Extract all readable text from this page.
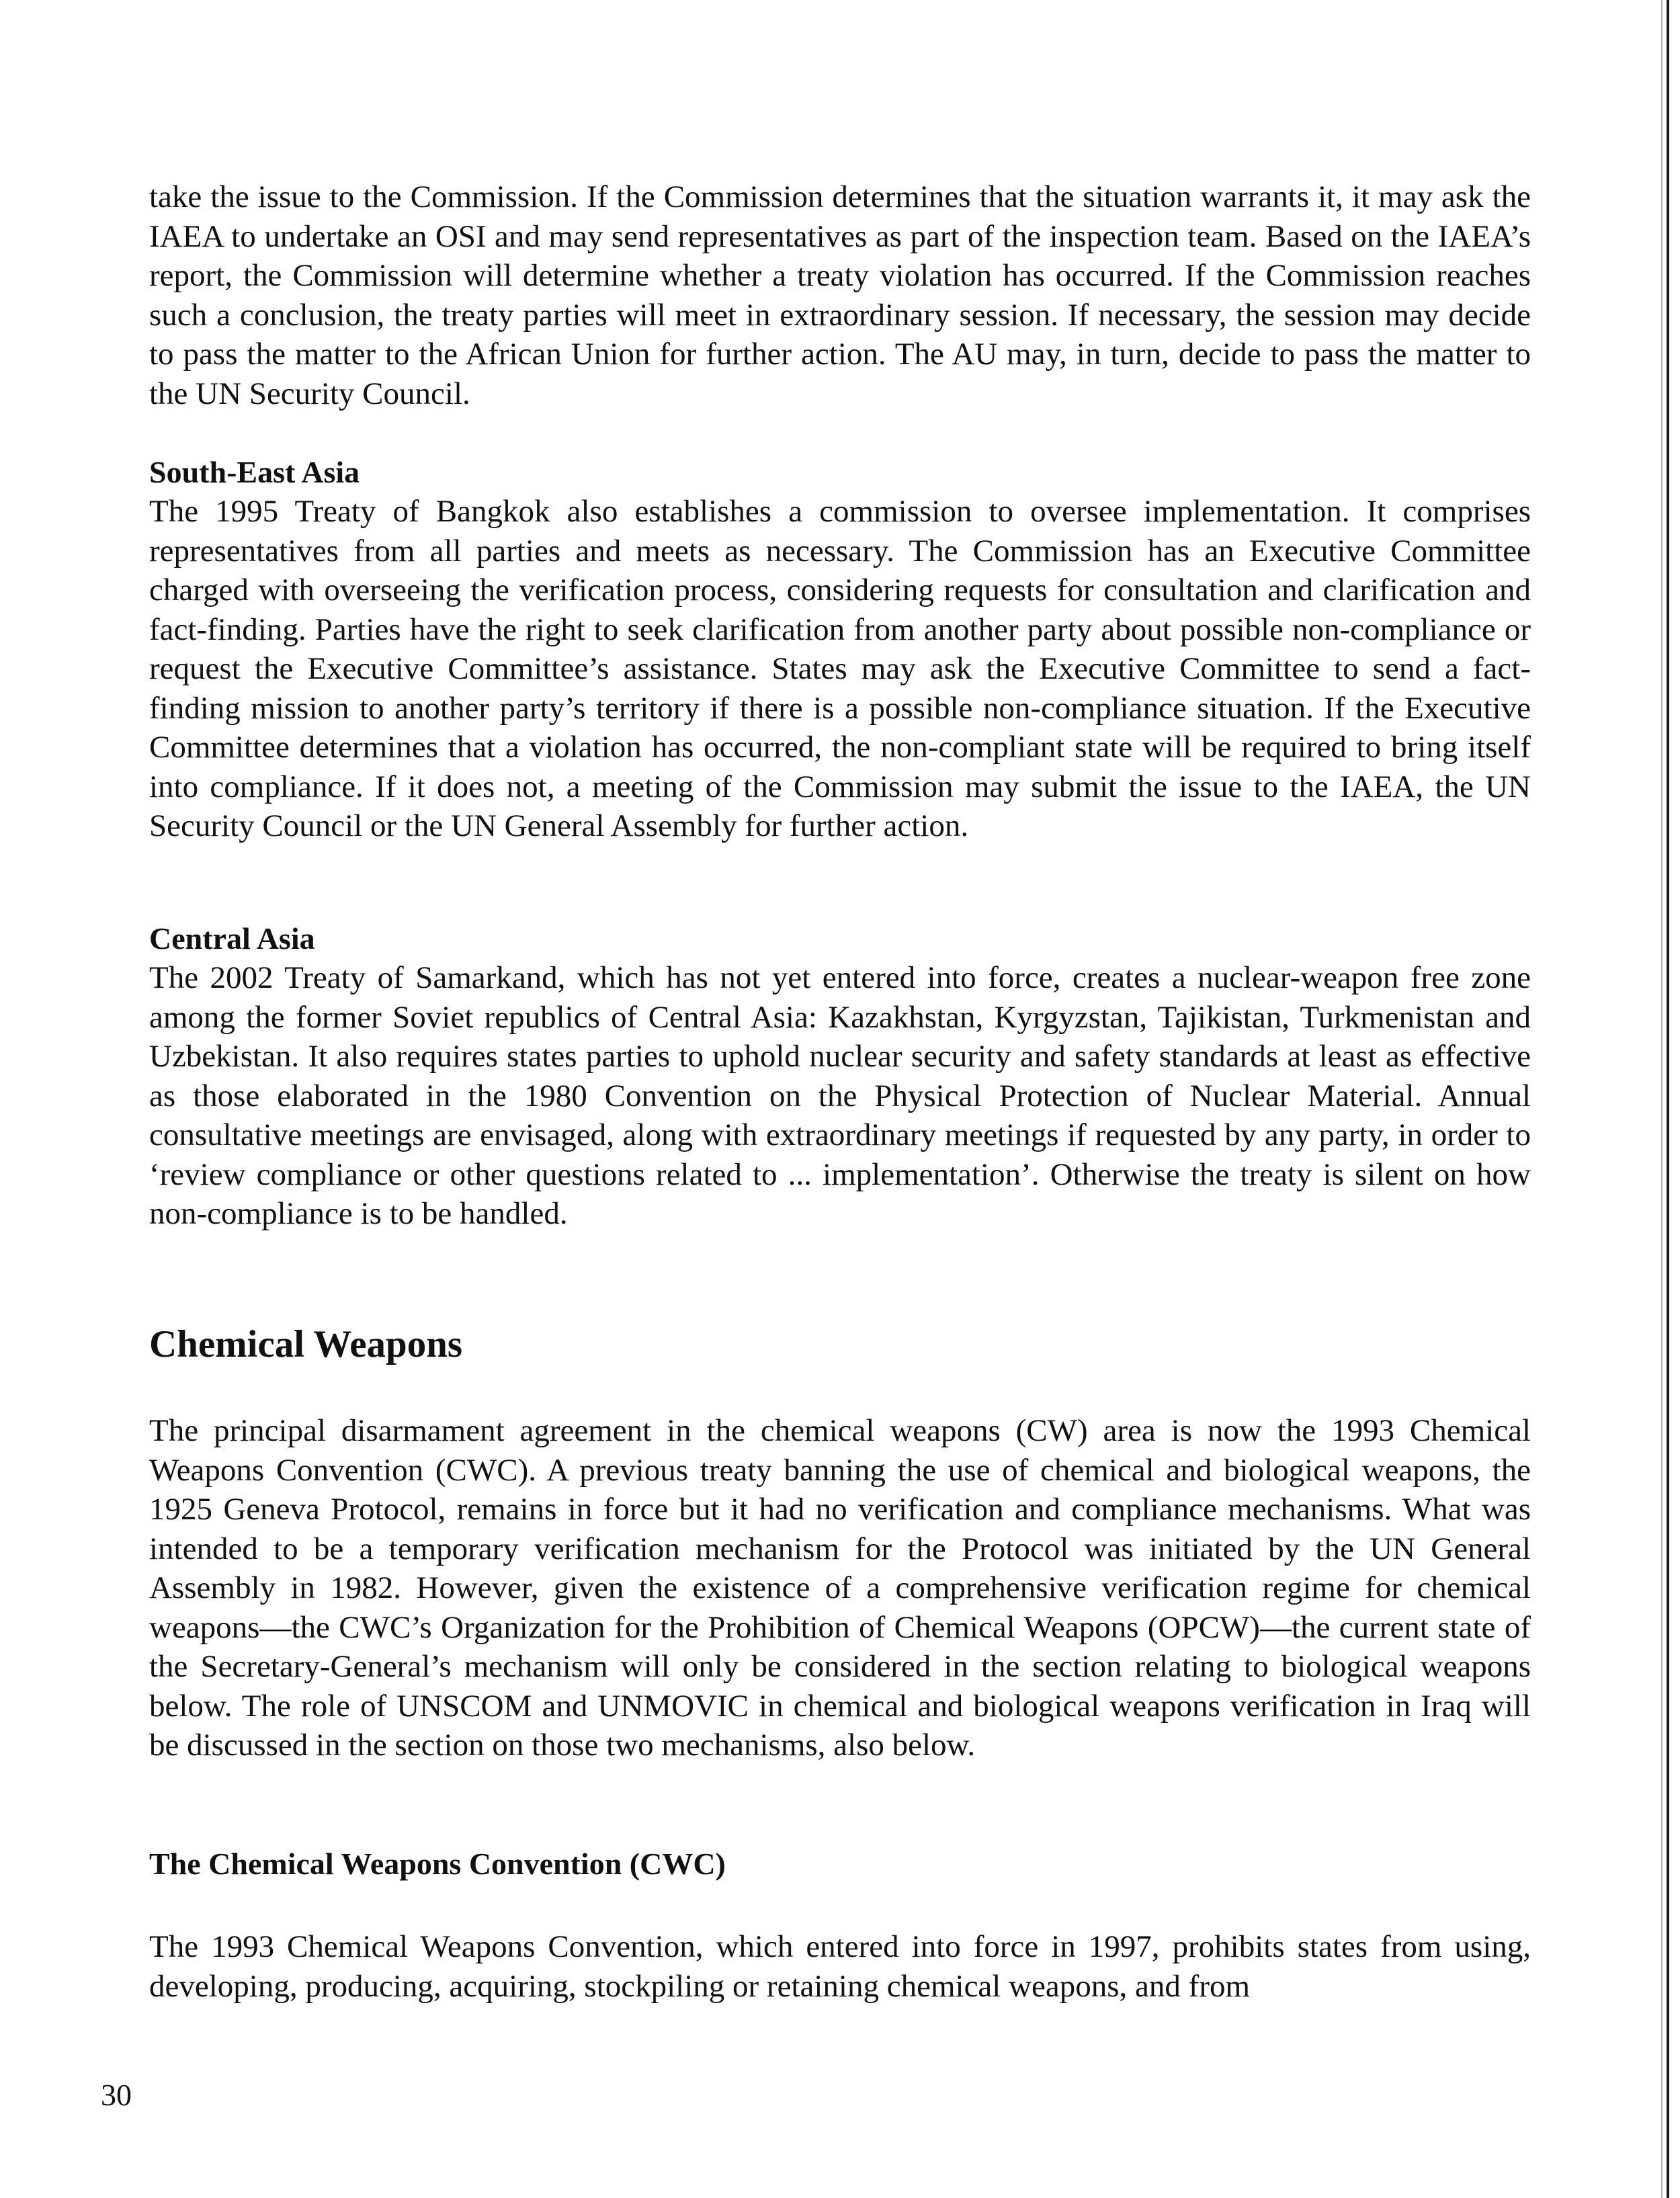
take the issue to the Commission. If the Commission determines that the situation warrants it, it may ask the IAEA to undertake an OSI and may send representatives as part of the inspection team. Based on the IAEA’s report, the Commission will determine whether a treaty violation has occurred. If the Commission reaches such a conclusion, the treaty parties will meet in extraordinary session. If necessary, the session may decide to pass the matter to the African Union for further action. The AU may, in turn, decide to pass the matter to the UN Security Council.

South-East Asia

The 1995 Treaty of Bangkok also establishes a commission to oversee implementation. It comprises representatives from all parties and meets as necessary. The Commission has an Executive Committee charged with overseeing the verification process, considering requests for consultation and clarification and fact-finding. Parties have the right to seek clarification from another party about possible non-compliance or request the Executive Committee’s assistance. States may ask the Executive Committee to send a fact-finding mission to another party’s territory if there is a possible non-compliance situation. If the Executive Committee determines that a violation has occurred, the non-compliant state will be required to bring itself into compliance. If it does not, a meeting of the Commission may submit the issue to the IAEA, the UN Security Council or the UN General Assembly for further action.

Central Asia

The 2002 Treaty of Samarkand, which has not yet entered into force, creates a nuclear-weapon free zone among the former Soviet republics of Central Asia: Kazakhstan, Kyrgyzstan, Tajikistan, Turkmenistan and Uzbekistan. It also requires states parties to uphold nuclear security and safety standards at least as effective as those elaborated in the 1980 Convention on the Physical Protection of Nuclear Material. Annual consultative meetings are envisaged, along with extraordinary meetings if requested by any party, in order to ‘review compliance or other questions related to ... implementation’. Otherwise the treaty is silent on how non-compliance is to be handled.

Chemical Weapons

The principal disarmament agreement in the chemical weapons (CW) area is now the 1993 Chemical Weapons Convention (CWC). A previous treaty banning the use of chemical and biological weapons, the 1925 Geneva Protocol, remains in force but it had no verification and compliance mechanisms. What was intended to be a temporary verification mechanism for the Protocol was initiated by the UN General Assembly in 1982. However, given the existence of a comprehensive verification regime for chemical weapons—the CWC’s Organization for the Prohibition of Chemical Weapons (OPCW)—the current state of the Secretary-General’s mechanism will only be considered in the section relating to biological weapons below. The role of UNSCOM and UNMOVIC in chemical and biological weapons verification in Iraq will be discussed in the section on those two mechanisms, also below.

The Chemical Weapons Convention (CWC)

The 1993 Chemical Weapons Convention, which entered into force in 1997, prohibits states from using, developing, producing, acquiring, stockpiling or retaining chemical weapons, and from

30
